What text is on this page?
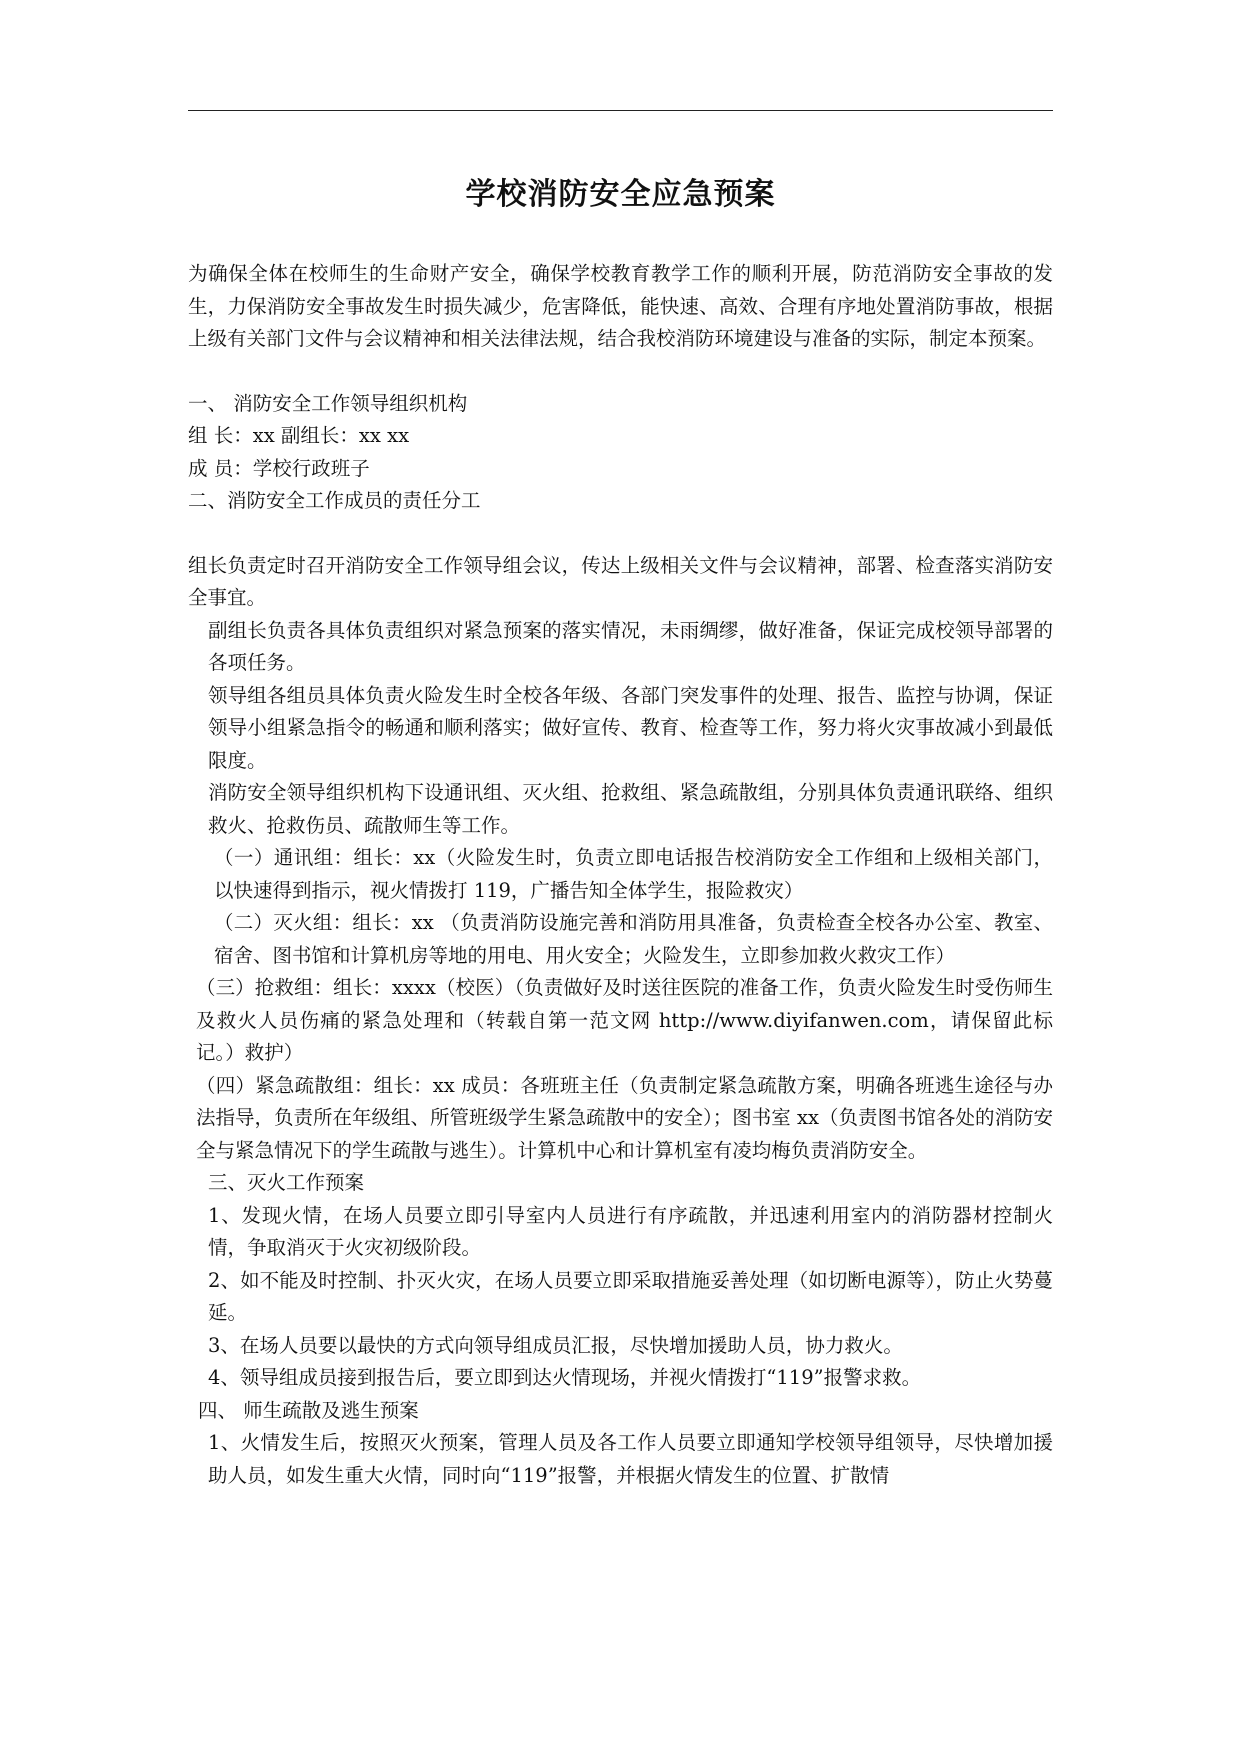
学校消防安全应急预案

为确保全体在校师生的生命财产安全，确保学校教育教学工作的顺利开展，防范消防安全事故的发生，力保消防安全事故发生时损失减少，危害降低，能快速、高效、合理有序地处置消防事故，根据上级有关部门文件与会议精神和相关法律法规，结合我校消防环境建设与准备的实际，制定本预案。

一、 消防安全工作领导组织机构

组 长：xx 副组长：xx xx

成 员：学校行政班子

二、消防安全工作成员的责任分工

组长负责定时召开消防安全工作领导组会议，传达上级相关文件与会议精神，部署、检查落实消防安全事宜。

副组长负责各具体负责组织对紧急预案的落实情况，未雨绸缪，做好准备，保证完成校领导部署的各项任务。

领导组各组员具体负责火险发生时全校各年级、各部门突发事件的处理、报告、监控与协调，保证领导小组紧急指令的畅通和顺利落实；做好宣传、教育、检查等工作，努力将火灾事故减小到最低限度。

消防安全领导组织机构下设通讯组、灭火组、抢救组、紧急疏散组，分别具体负责通讯联络、组织救火、抢救伤员、疏散师生等工作。

（一）通讯组：组长：xx（火险发生时，负责立即电话报告校消防安全工作组和上级相关部门，以快速得到指示，视火情拨打 119，广播告知全体学生，报险救灾）

（二）灭火组：组长：xx （负责消防设施完善和消防用具准备，负责检查全校各办公室、教室、宿舍、图书馆和计算机房等地的用电、用火安全；火险发生，立即参加救火救灾工作）

（三）抢救组：组长：xxxx（校医）（负责做好及时送往医院的准备工作，负责火险发生时受伤师生及救火人员伤痛的紧急处理和（转载自第一范文网 http://www.diyifanwen.com，请保留此标记。）救护）

（四）紧急疏散组：组长：xx 成员：各班班主任（负责制定紧急疏散方案，明确各班逃生途径与办法指导，负责所在年级组、所管班级学生紧急疏散中的安全）；图书室 xx（负责图书馆各处的消防安全与紧急情况下的学生疏散与逃生）。计算机中心和计算机室有凌均梅负责消防安全。

三、灭火工作预案

1、发现火情，在场人员要立即引导室内人员进行有序疏散，并迅速利用室内的消防器材控制火情，争取消灭于火灾初级阶段。

2、如不能及时控制、扑灭火灾，在场人员要立即采取措施妥善处理（如切断电源等），防止火势蔓延。

3、在场人员要以最快的方式向领导组成员汇报，尽快增加援助人员，协力救火。

4、领导组成员接到报告后，要立即到达火情现场，并视火情拨打“119”报警求救。

四、 师生疏散及逃生预案

1、火情发生后，按照灭火预案，管理人员及各工作人员要立即通知学校领导组领导，尽快增加援助人员，如发生重大火情，同时向“119”报警，并根据火情发生的位置、扩散情
